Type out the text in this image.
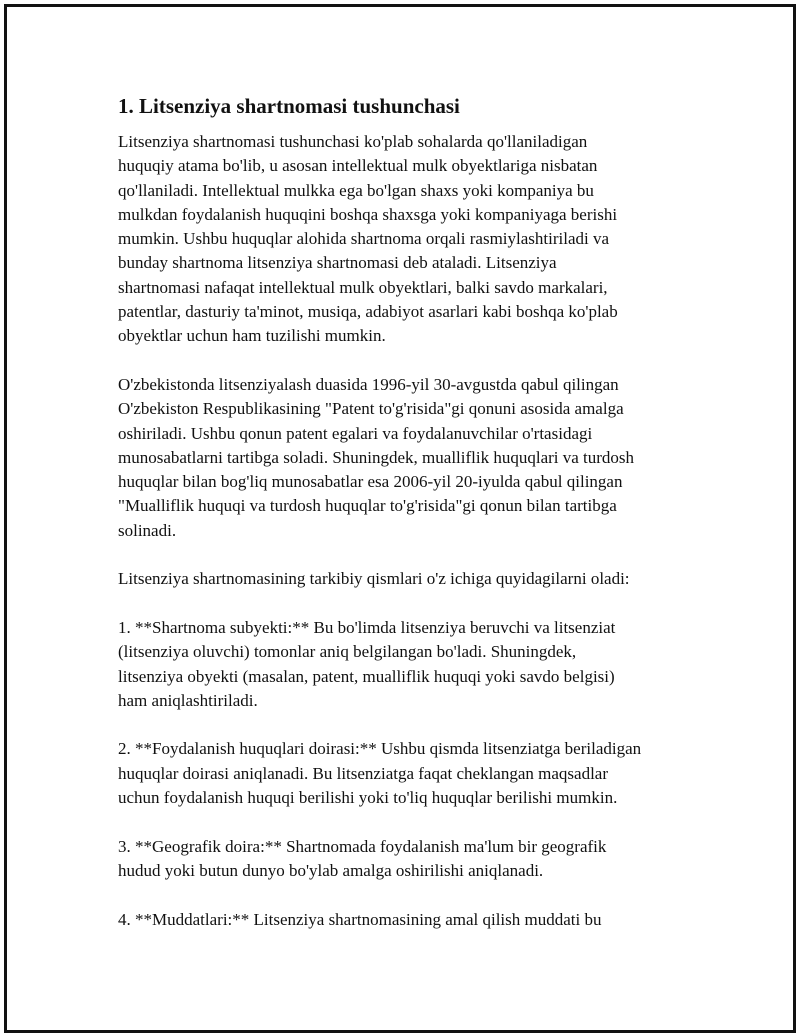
1. Litsenziya shartnomasi tushunchasi

Litsenziya shartnomasi tushunchasi ko'plab sohalarda qo'llaniladigan
huquqiy atama bo'lib, u asosan intellektual mulk obyektlariga nisbatan
qo'llaniladi. Intellektual mulkka ega bo'lgan shaxs yoki kompaniya bu
mulkdan foydalanish huquqini boshqa shaxsga yoki kompaniyaga berishi
mumkin. Ushbu huquqlar alohida shartnoma orqali rasmiylashtiriladi va
bunday shartnoma litsenziya shartnomasi deb ataladi. Litsenziya
shartnomasi nafaqat intellektual mulk obyektlari, balki savdo markalari,
patentlar, dasturiy ta'minot, musiqa, adabiyot asarlari kabi boshqa ko'plab
obyektlar uchun ham tuzilishi mumkin.

O'zbekistonda litsenziyalash duasida 1996-yil 30-avgustda qabul qilingan
O'zbekiston Respublikasining "Patent to'g'risida"gi qonuni asosida amalga
oshiriladi. Ushbu qonun patent egalari va foydalanuvchilar o'rtasidagi
munosabatlarni tartibga soladi. Shuningdek, mualliflik huquqlari va turdosh
huquqlar bilan bog'liq munosabatlar esa 2006-yil 20-iyulda qabul qilingan
"Mualliflik huquqi va turdosh huquqlar to'g'risida"gi qonun bilan tartibga
solinadi.

Litsenziya shartnomasining tarkibiy qismlari o'z ichiga quyidagilarni oladi:

1. **Shartnoma subyekti:** Bu bo'limda litsenziya beruvchi va litsenziat
(litsenziya oluvchi) tomonlar aniq belgilangan bo'ladi. Shuningdek,
litsenziya obyekti (masalan, patent, mualliflik huquqi yoki savdo belgisi)
ham aniqlashtiriladi.

2. **Foydalanish huquqlari doirasi:** Ushbu qismda litsenziatga beriladigan
huquqlar doirasi aniqlanadi. Bu litsenziatga faqat cheklangan maqsadlar
uchun foydalanish huquqi berilishi yoki to'liq huquqlar berilishi mumkin.

3. **Geografik doira:** Shartnomada foydalanish ma'lum bir geografik
hudud yoki butun dunyo bo'ylab amalga oshirilishi aniqlanadi.

4. **Muddatlari:** Litsenziya shartnomasining amal qilish muddati bu
